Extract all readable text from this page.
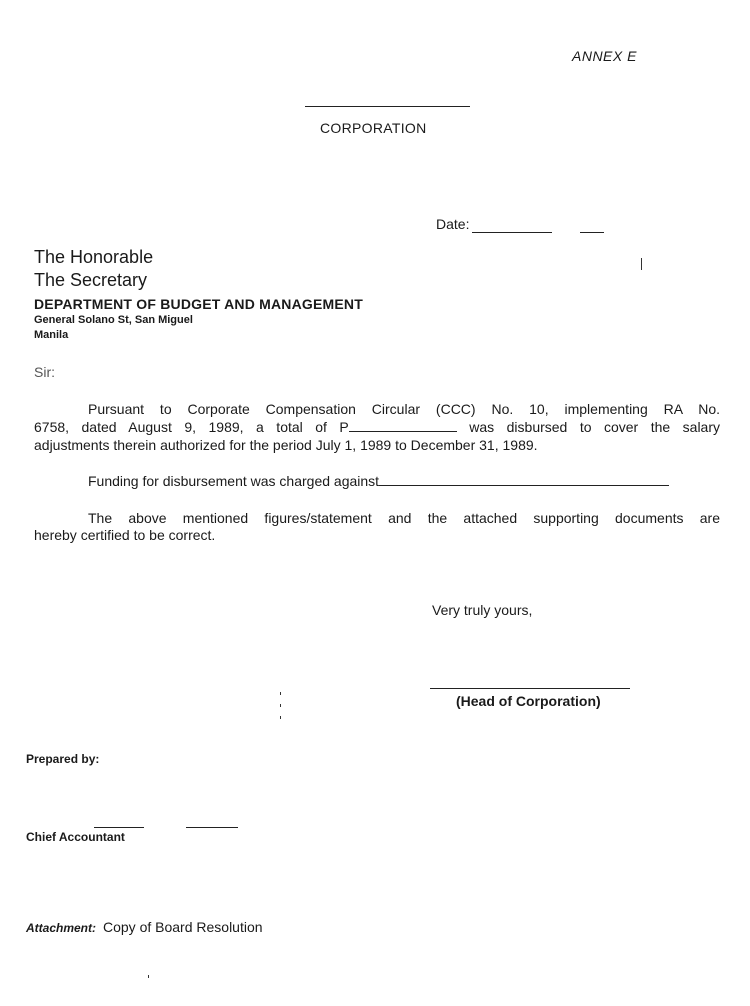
ANNEX E
CORPORATION
Date:
The Honorable
The Secretary
DEPARTMENT OF BUDGET AND MANAGEMENT
General Solano St, San Miguel
Manila
Sir:
Pursuant to Corporate Compensation Circular (CCC) No. 10, implementing RA No.
6758, dated August 9, 1989, a total of P	was disbursed to cover the salary
adjustments therein authorized for the period July 1, 1989 to December 31, 1989.
Funding for disbursement was charged against
The above mentioned figures/statement and the attached supporting documents are
hereby certified to be correct.
Very truly yours,
(Head of Corporation)
Prepared by:
Chief Accountant
Attachment: Copy of Board Resolution
